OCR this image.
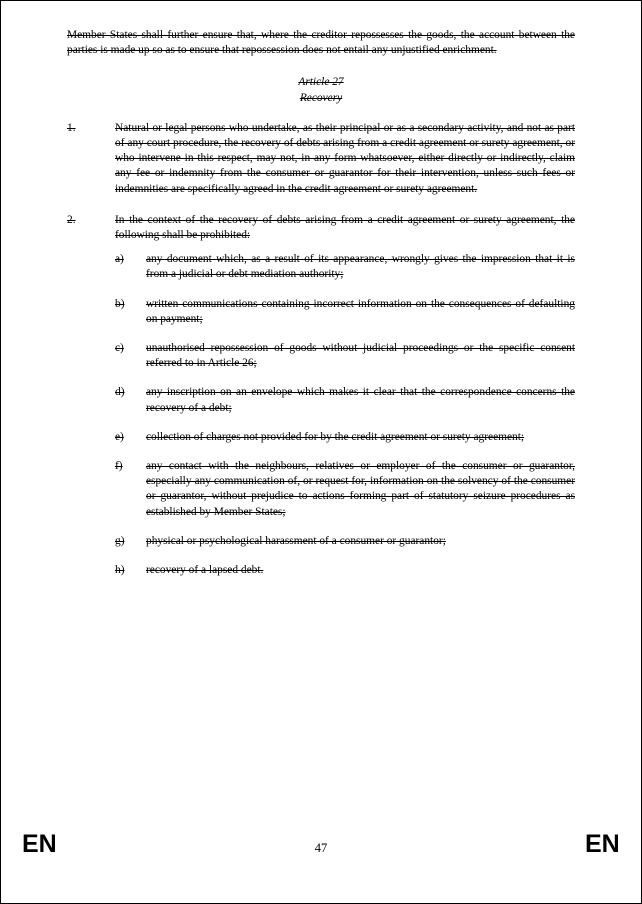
Member States shall further ensure that, where the creditor repossesses the goods, the account between the parties is made up so as to ensure that repossession does not entail any unjustified enrichment.

Article 27

Recovery

1.	Natural or legal persons who undertake, as their principal or as a secondary activity, and not as part of any court procedure, the recovery of debts arising from a credit agreement or surety agreement, or who intervene in this respect, may not, in any form whatsoever, either directly or indirectly, claim any fee or indemnity from the consumer or guarantor for their intervention, unless such fees or indemnities are specifically agreed in the credit agreement or surety agreement.
2.	In the context of the recovery of debts arising from a credit agreement or surety agreement, the following shall be prohibited:
a)	any document which, as a result of its appearance, wrongly gives the impression that it is from a judicial or debt mediation authority;
b)	written communications containing incorrect information on the consequences of defaulting on payment;
c)	unauthorised repossession of goods without judicial proceedings or the specific consent referred to in Article 26;
d)	any inscription on an envelope which makes it clear that the correspondence concerns the recovery of a debt;
e)	collection of charges not provided for by the credit agreement or surety agreement;
f)	any contact with the neighbours, relatives or employer of the consumer or guarantor, especially any communication of, or request for, information on the solvency of the consumer or guarantor, without prejudice to actions forming part of statutory seizure procedures as established by Member States;
g)	physical or psychological harassment of a consumer or guarantor;
h)	recovery of a lapsed debt.
EN	47	EN
